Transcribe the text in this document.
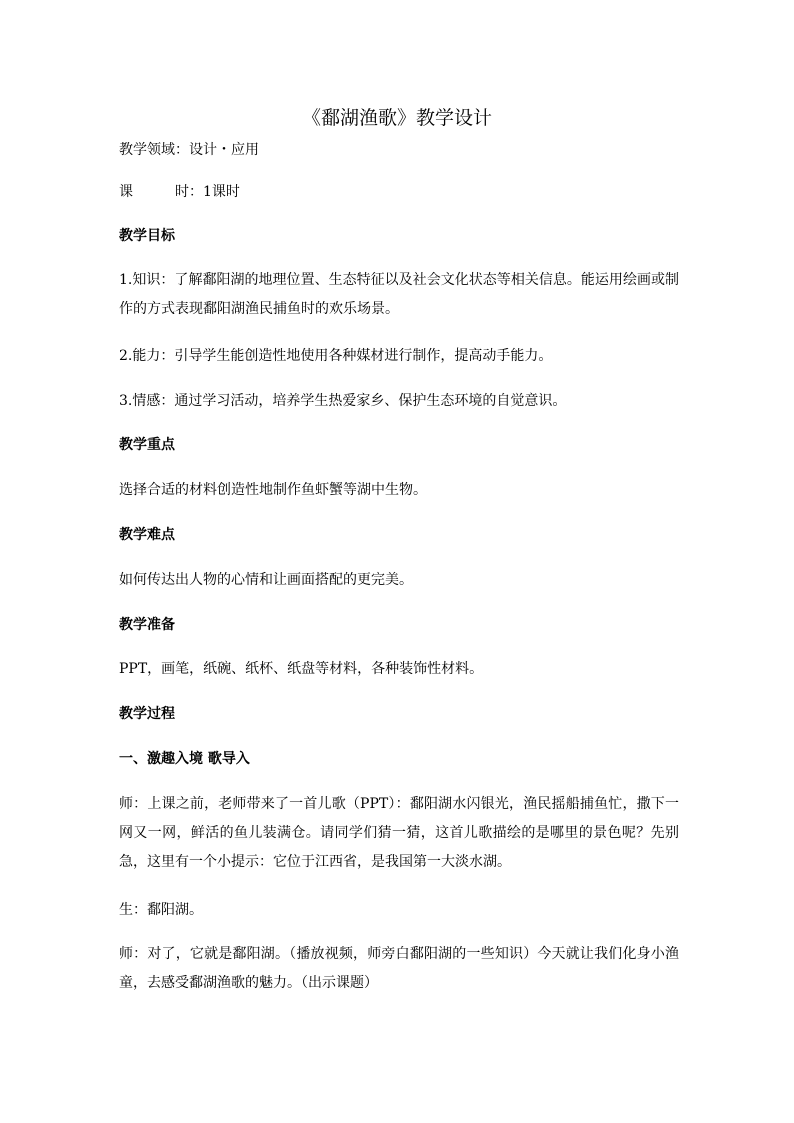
《鄱湖渔歌》教学设计
教学领域：设计・应用
课	时：1课时
教学目标
1.知识：了解鄱阳湖的地理位置、生态特征以及社会文化状态等相关信息。能运用绘画或制作的方式表现鄱阳湖渔民捕鱼时的欢乐场景。
2.能力：引导学生能创造性地使用各种媒材进行制作，提高动手能力。
3.情感：通过学习活动，培养学生热爱家乡、保护生态环境的自觉意识。
教学重点
选择合适的材料创造性地制作鱼虾蟹等湖中生物。
教学难点
如何传达出人物的心情和让画面搭配的更完美。
教学准备
PPT，画笔，纸碗、纸杯、纸盘等材料，各种装饰性材料。
教学过程
一、激趣入境 歌导入
师：上课之前，老师带来了一首儿歌（PPT）：鄱阳湖水闪银光，渔民摇船捕鱼忙，撒下一网又一网，鲜活的鱼儿装满仓。请同学们猜一猜，这首儿歌描绘的是哪里的景色呢？先别急，这里有一个小提示：它位于江西省，是我国第一大淡水湖。
生：鄱阳湖。
师：对了，它就是鄱阳湖。（播放视频，师旁白鄱阳湖的一些知识）今天就让我们化身小渔童，去感受鄱湖渔歌的魅力。（出示课题）
